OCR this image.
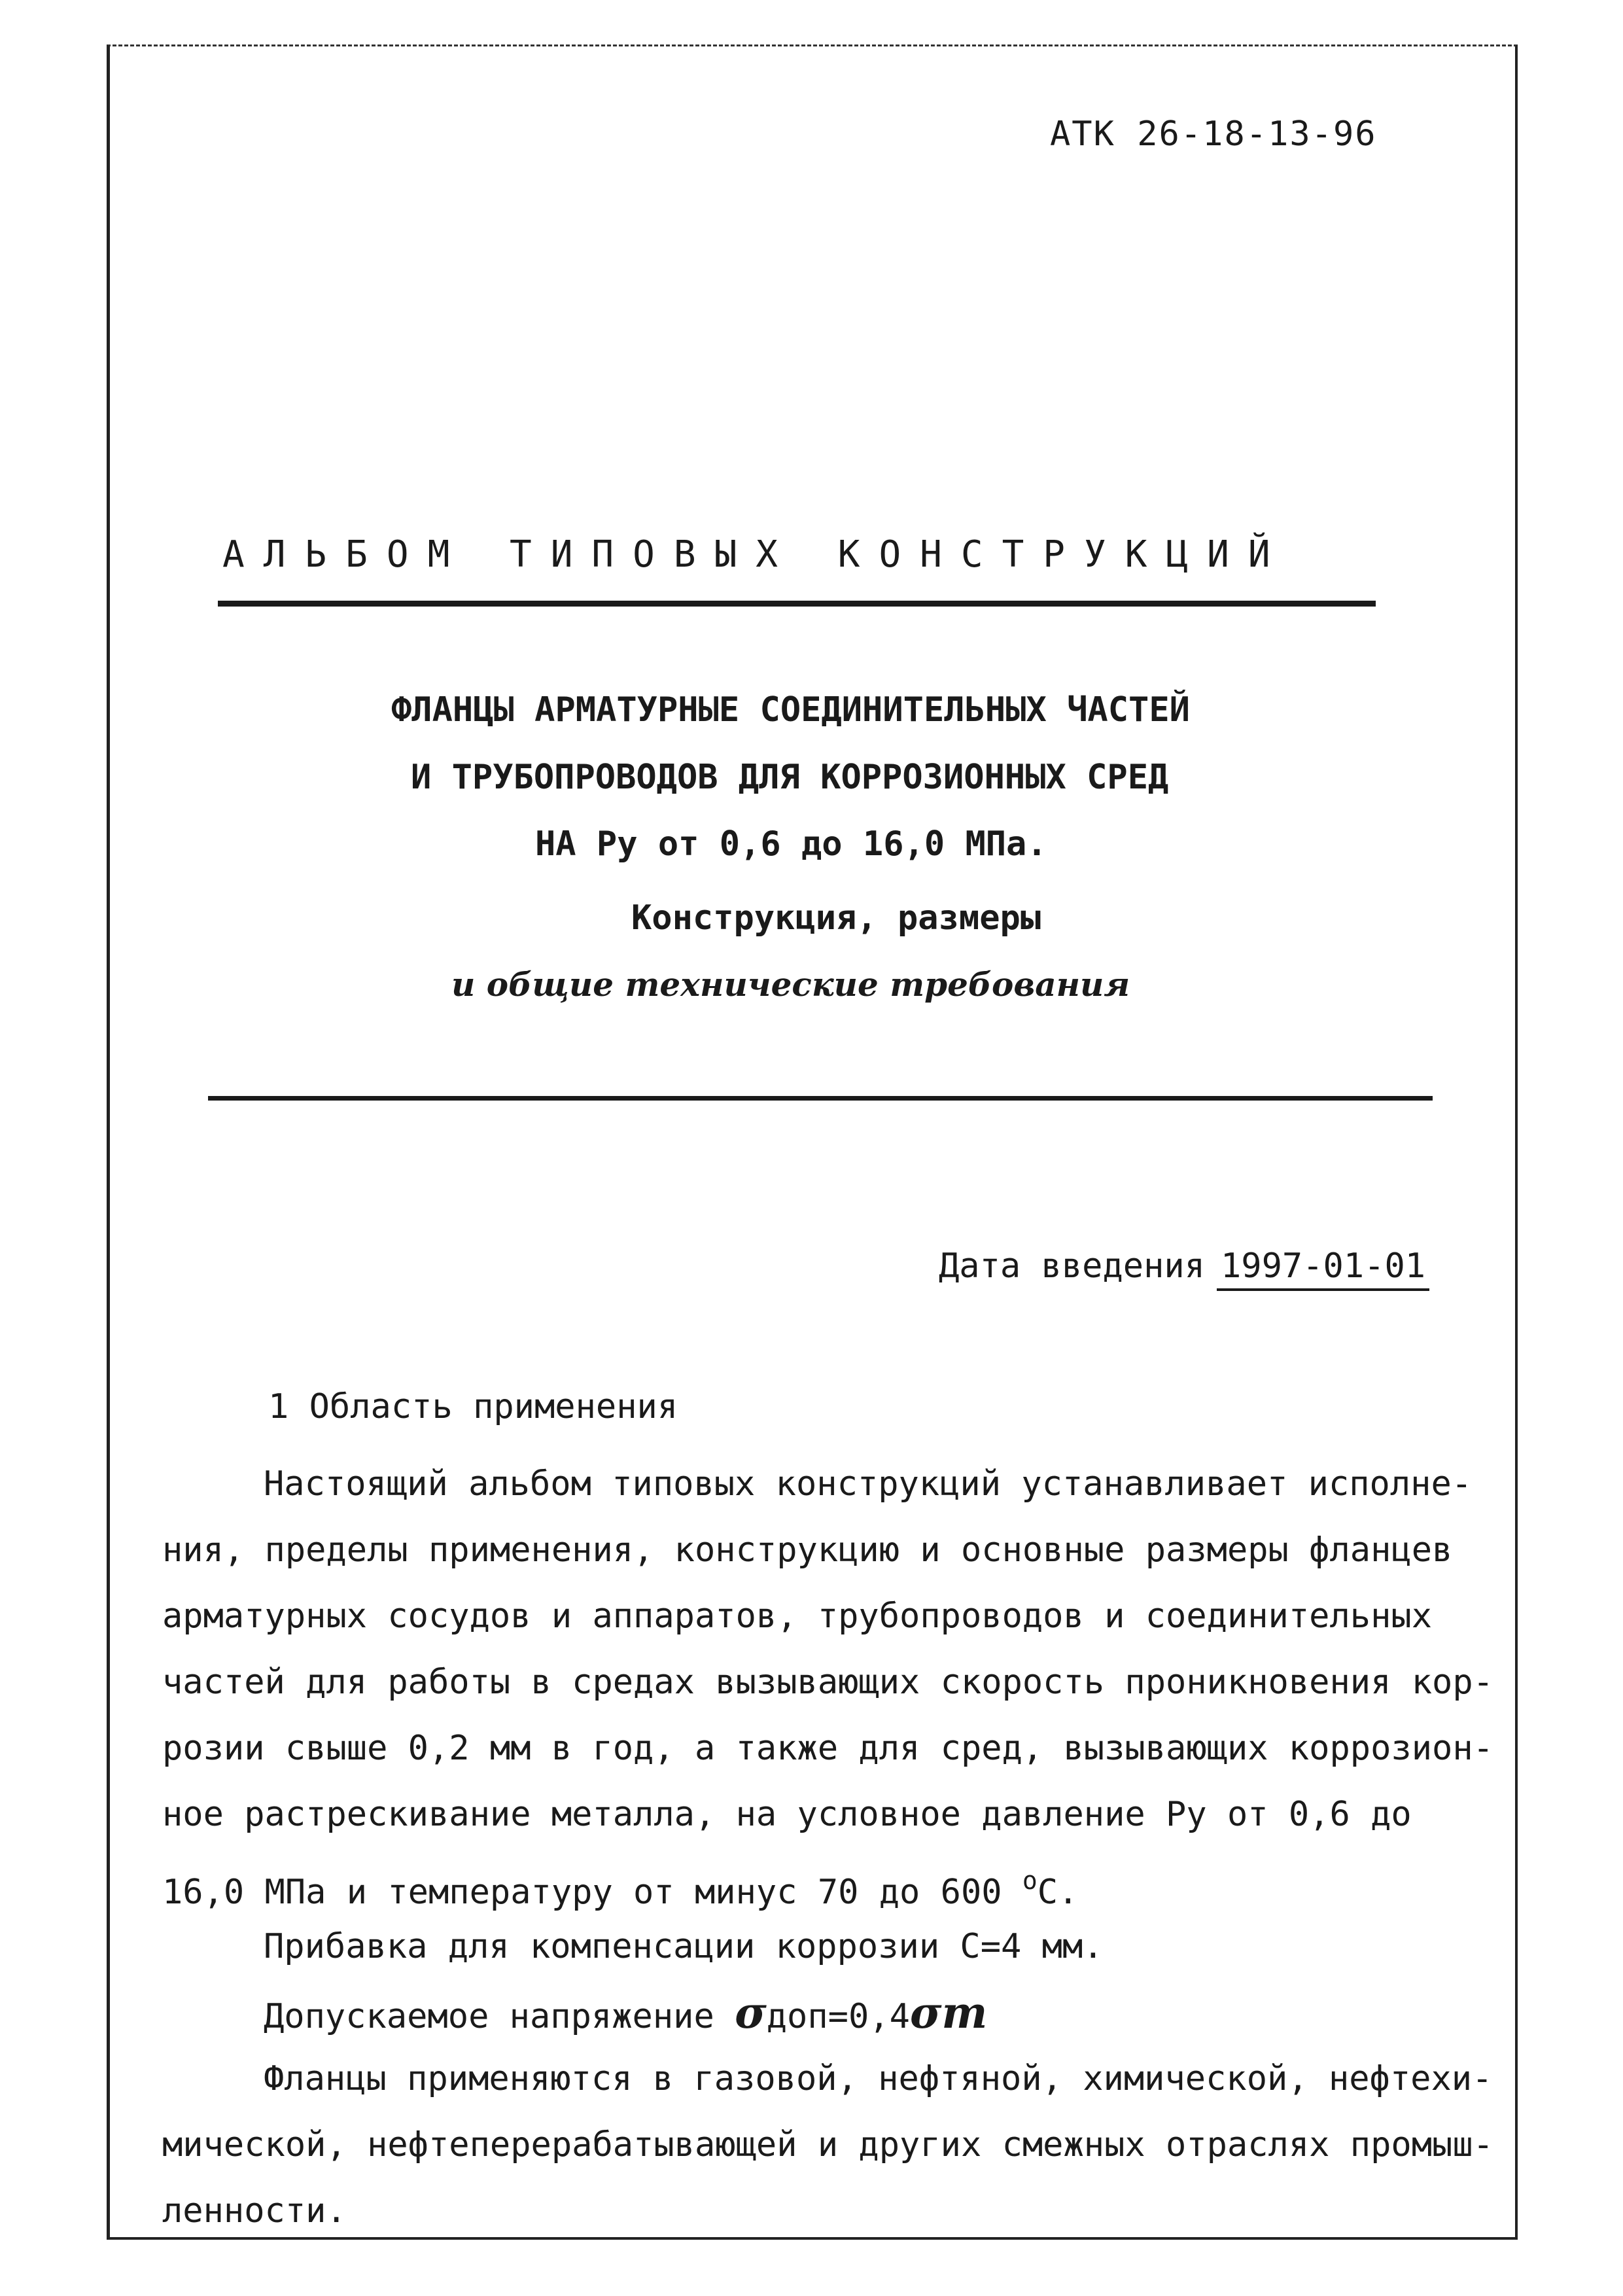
АТК 26-18-13-96
АЛЬБОМ ТИПОВЫХ КОНСТРУКЦИЙ
ФЛАНЦЫ АРМАТУРНЫЕ СОЕДИНИТЕЛЬНЫХ ЧАСТЕЙ
И ТРУБОПРОВОДОВ ДЛЯ КОРРОЗИОННЫХ СРЕД
НА Ру от 0,6 до 16,0 МПа.
Конструкция, размеры
и общие технические требования
Дата введения 1997-01-01
1 Область применения
Настоящий альбом типовых конструкций устанавливает исполне-
ния, пределы применения, конструкцию и основные размеры фланцев
арматурных сосудов и аппаратов, трубопроводов и соединительных
частей для работы в средах вызывающих скорость проникновения кор-
розии свыше 0,2 мм в год, а также для сред, вызывающих коррозион-
ное растрескивание металла, на условное давление Ру от 0,6 до
16,0 МПа и температуру от минус 70 до 600 $^o$С.
Прибавка для компенсации коррозии С=4 мм.
Допускаемое напряжение σдоп=0,4σт
Фланцы применяются в газовой, нефтяной, химической, нефтехи-
мической, нефтеперерабатывающей и других смежных отраслях промыш-
ленности.
